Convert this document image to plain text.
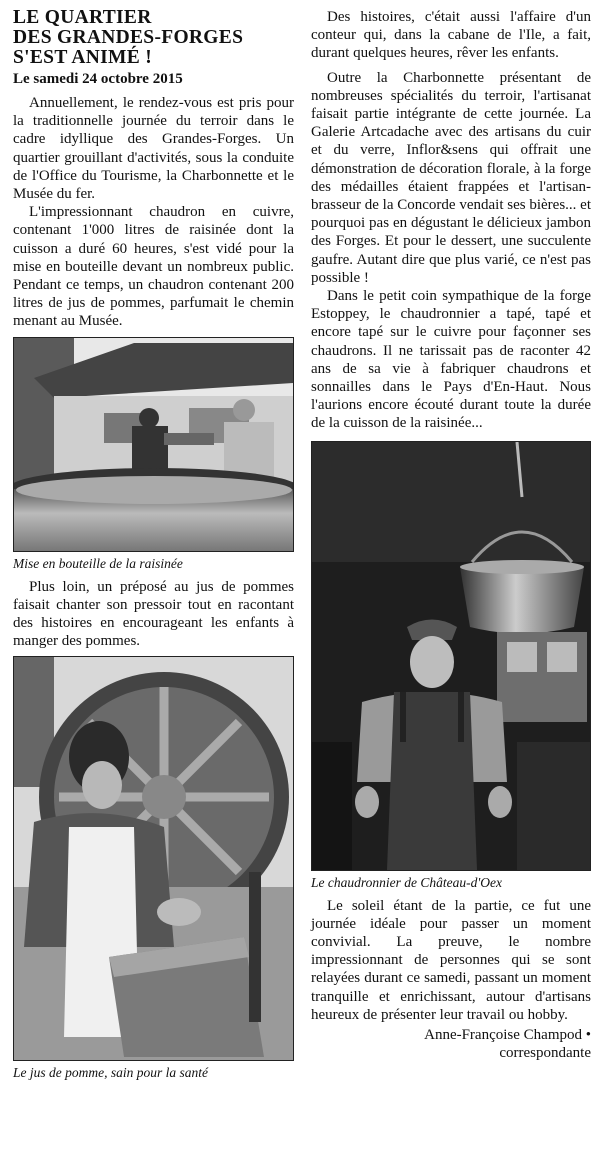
LE QUARTIER
DES GRANDES-FORGES
S'EST ANIMÉ !
Le samedi 24 octobre 2015

Annuellement, le rendez-vous est pris pour la traditionnelle journée du terroir dans le cadre idyllique des Grandes-Forges. Un quartier grouillant d'activités, sous la conduite de l'Office du Tourisme, la Charbonnette et le Musée du fer.

L'impressionnant chaudron en cuivre, contenant 1'000 litres de raisinée dont la cuisson a duré 60 heures, s'est vidé pour la mise en bouteille devant un nombreux public. Pendant ce temps, un chaudron contenant 200 litres de jus de pommes, parfumait le chemin menant au Musée.

Mise en bouteille de la raisinée

Plus loin, un préposé au jus de pommes faisait chanter son pressoir tout en racontant des histoires en encourageant les enfants à manger des pommes.

Le jus de pomme, sain pour la santé

Des histoires, c'était aussi l'affaire d'un conteur qui, dans la cabane de l'Ile, a fait, durant quelques heures, rêver les enfants.

Outre la Charbonnette présentant de nombreuses spécialités du terroir, l'artisanat faisait partie intégrante de cette journée. La Galerie Artcadache avec des artisans du cuir et du verre, Inflor&sens qui offrait une démonstration de décoration florale, à la forge des médailles étaient frappées et l'artisan-brasseur de la Concorde vendait ses bières... et pourquoi pas en dégustant le délicieux jambon des Forges. Et pour le dessert, une succulente gaufre. Autant dire que plus varié, ce n'est pas possible !

Dans le petit coin sympathique de la forge Estoppey, le chaudronnier a tapé, tapé et encore tapé sur le cuivre pour façonner ses chaudrons. Il ne tarissait pas de raconter 42 ans de sa vie à fabriquer chaudrons et sonnailles dans le Pays d'En-Haut. Nous l'aurions encore écouté durant toute la durée de la cuisson de la raisinée...

Le chaudronnier de Château-d'Oex

Le soleil étant de la partie, ce fut une journée idéale pour passer un moment convivial. La preuve, le nombre impressionnant de personnes qui se sont relayées durant ce samedi, passant un moment tranquille et enrichissant, autour d'artisans heureux de présenter leur travail ou hobby.

Anne-Françoise Champod •
correspondante
